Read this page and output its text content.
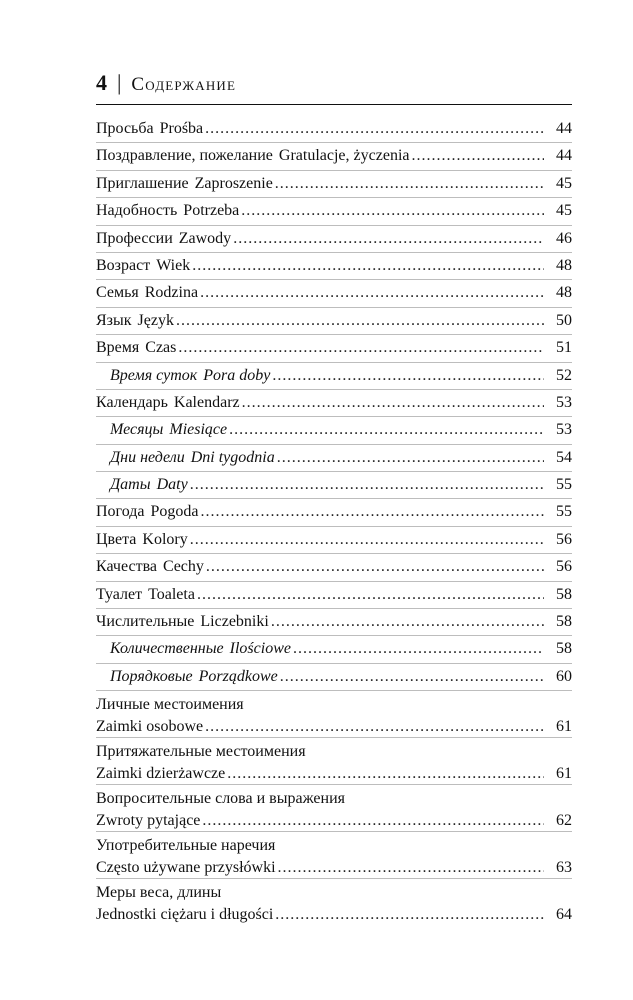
4 | Содержание
Просьба Prośba .....	44
Поздравление, пожелание Gratulacje, życzenia .....	44
Приглашение Zaproszenie .....	45
Надобность Potrzeba .....	45
Профессии Zawody .....	46
Возраст Wiek .....	48
Семья Rodzina .....	48
Язык Język .....	50
Время Czas .....	51
Время суток Pora doby .....	52
Календарь Kalendarz .....	53
Месяцы Miesiące .....	53
Дни недели Dni tygodnia .....	54
Даты Daty .....	55
Погода Pogoda .....	55
Цвета Kolory .....	56
Качества Cechy .....	56
Туалет Toaleta .....	58
Числительные Liczebniki .....	58
Количественные Ilościowe .....	58
Порядковые Porządkowe .....	60
Личные местоимения
Zaimki osobowe .....	61
Притяжательные местоимения
Zaimki dzierżawcze .....	61
Вопросительные слова и выражения
Zwroty pytające .....	62
Употребительные наречия
Często używane przysłówki .....	63
Меры веса, длины
Jednostki ciężaru i długości .....	64
